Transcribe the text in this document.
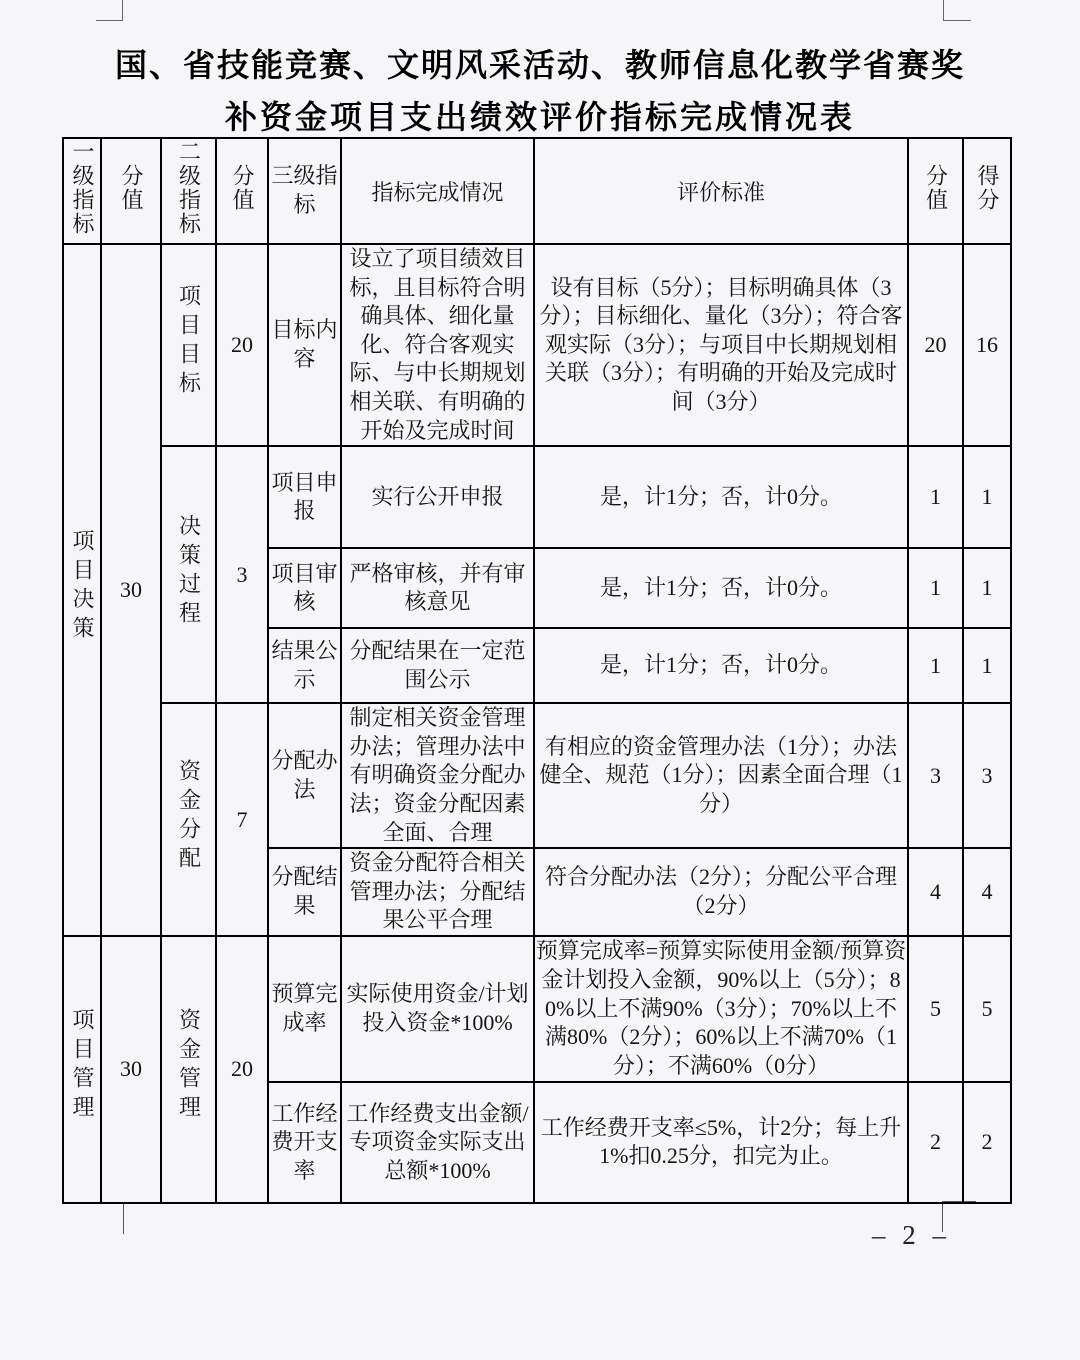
国、省技能竞赛、文明风采活动、教师信息化教学省赛奖
补资金项目支出绩效评价指标完成情况表
一级指标	分值	二级指标	分值	三级指标	指标完成情况	评价标准	分值	得分
项目决策	30	项目目标	20	目标内容	设立了项目绩效目标，且目标符合明确具体、细化量化、符合客观实际、与中长期规划相关联、有明确的开始及完成时间	设有目标（5分）；目标明确具体（3分）；目标细化、量化（3分）；符合客观实际（3分）；与项目中长期规划相关联（3分）；有明确的开始及完成时间（3分）	20	16
		决策过程	3	项目申报	实行公开申报	是，计1分；否，计0分。	1	1
				项目审核	严格审核，并有审核意见	是，计1分；否，计0分。	1	1
				结果公示	分配结果在一定范围公示	是，计1分；否，计0分。	1	1
		资金分配	7	分配办法	制定相关资金管理办法；管理办法中有明确资金分配办法；资金分配因素全面、合理	有相应的资金管理办法（1分）；办法健全、规范（1分）；因素全面合理（1分）	3	3
				分配结果	资金分配符合相关管理办法；分配结果公平合理	符合分配办法（2分）；分配公平合理（2分）	4	4
项目管理	30	资金管理	20	预算完成率	实际使用资金/计划投入资金*100%	预算完成率=预算实际使用金额/预算资金计划投入金额，90%以上（5分）；80%以上不满90%（3分）；70%以上不满80%（2分）；60%以上不满70%（1分）；不满60%（0分）	5	5
				工作经费开支率	工作经费支出金额/专项资金实际支出总额*100%	工作经费开支率≤5%，计2分；每上升1%扣0.25分，扣完为止。	2	2
– 2 –
